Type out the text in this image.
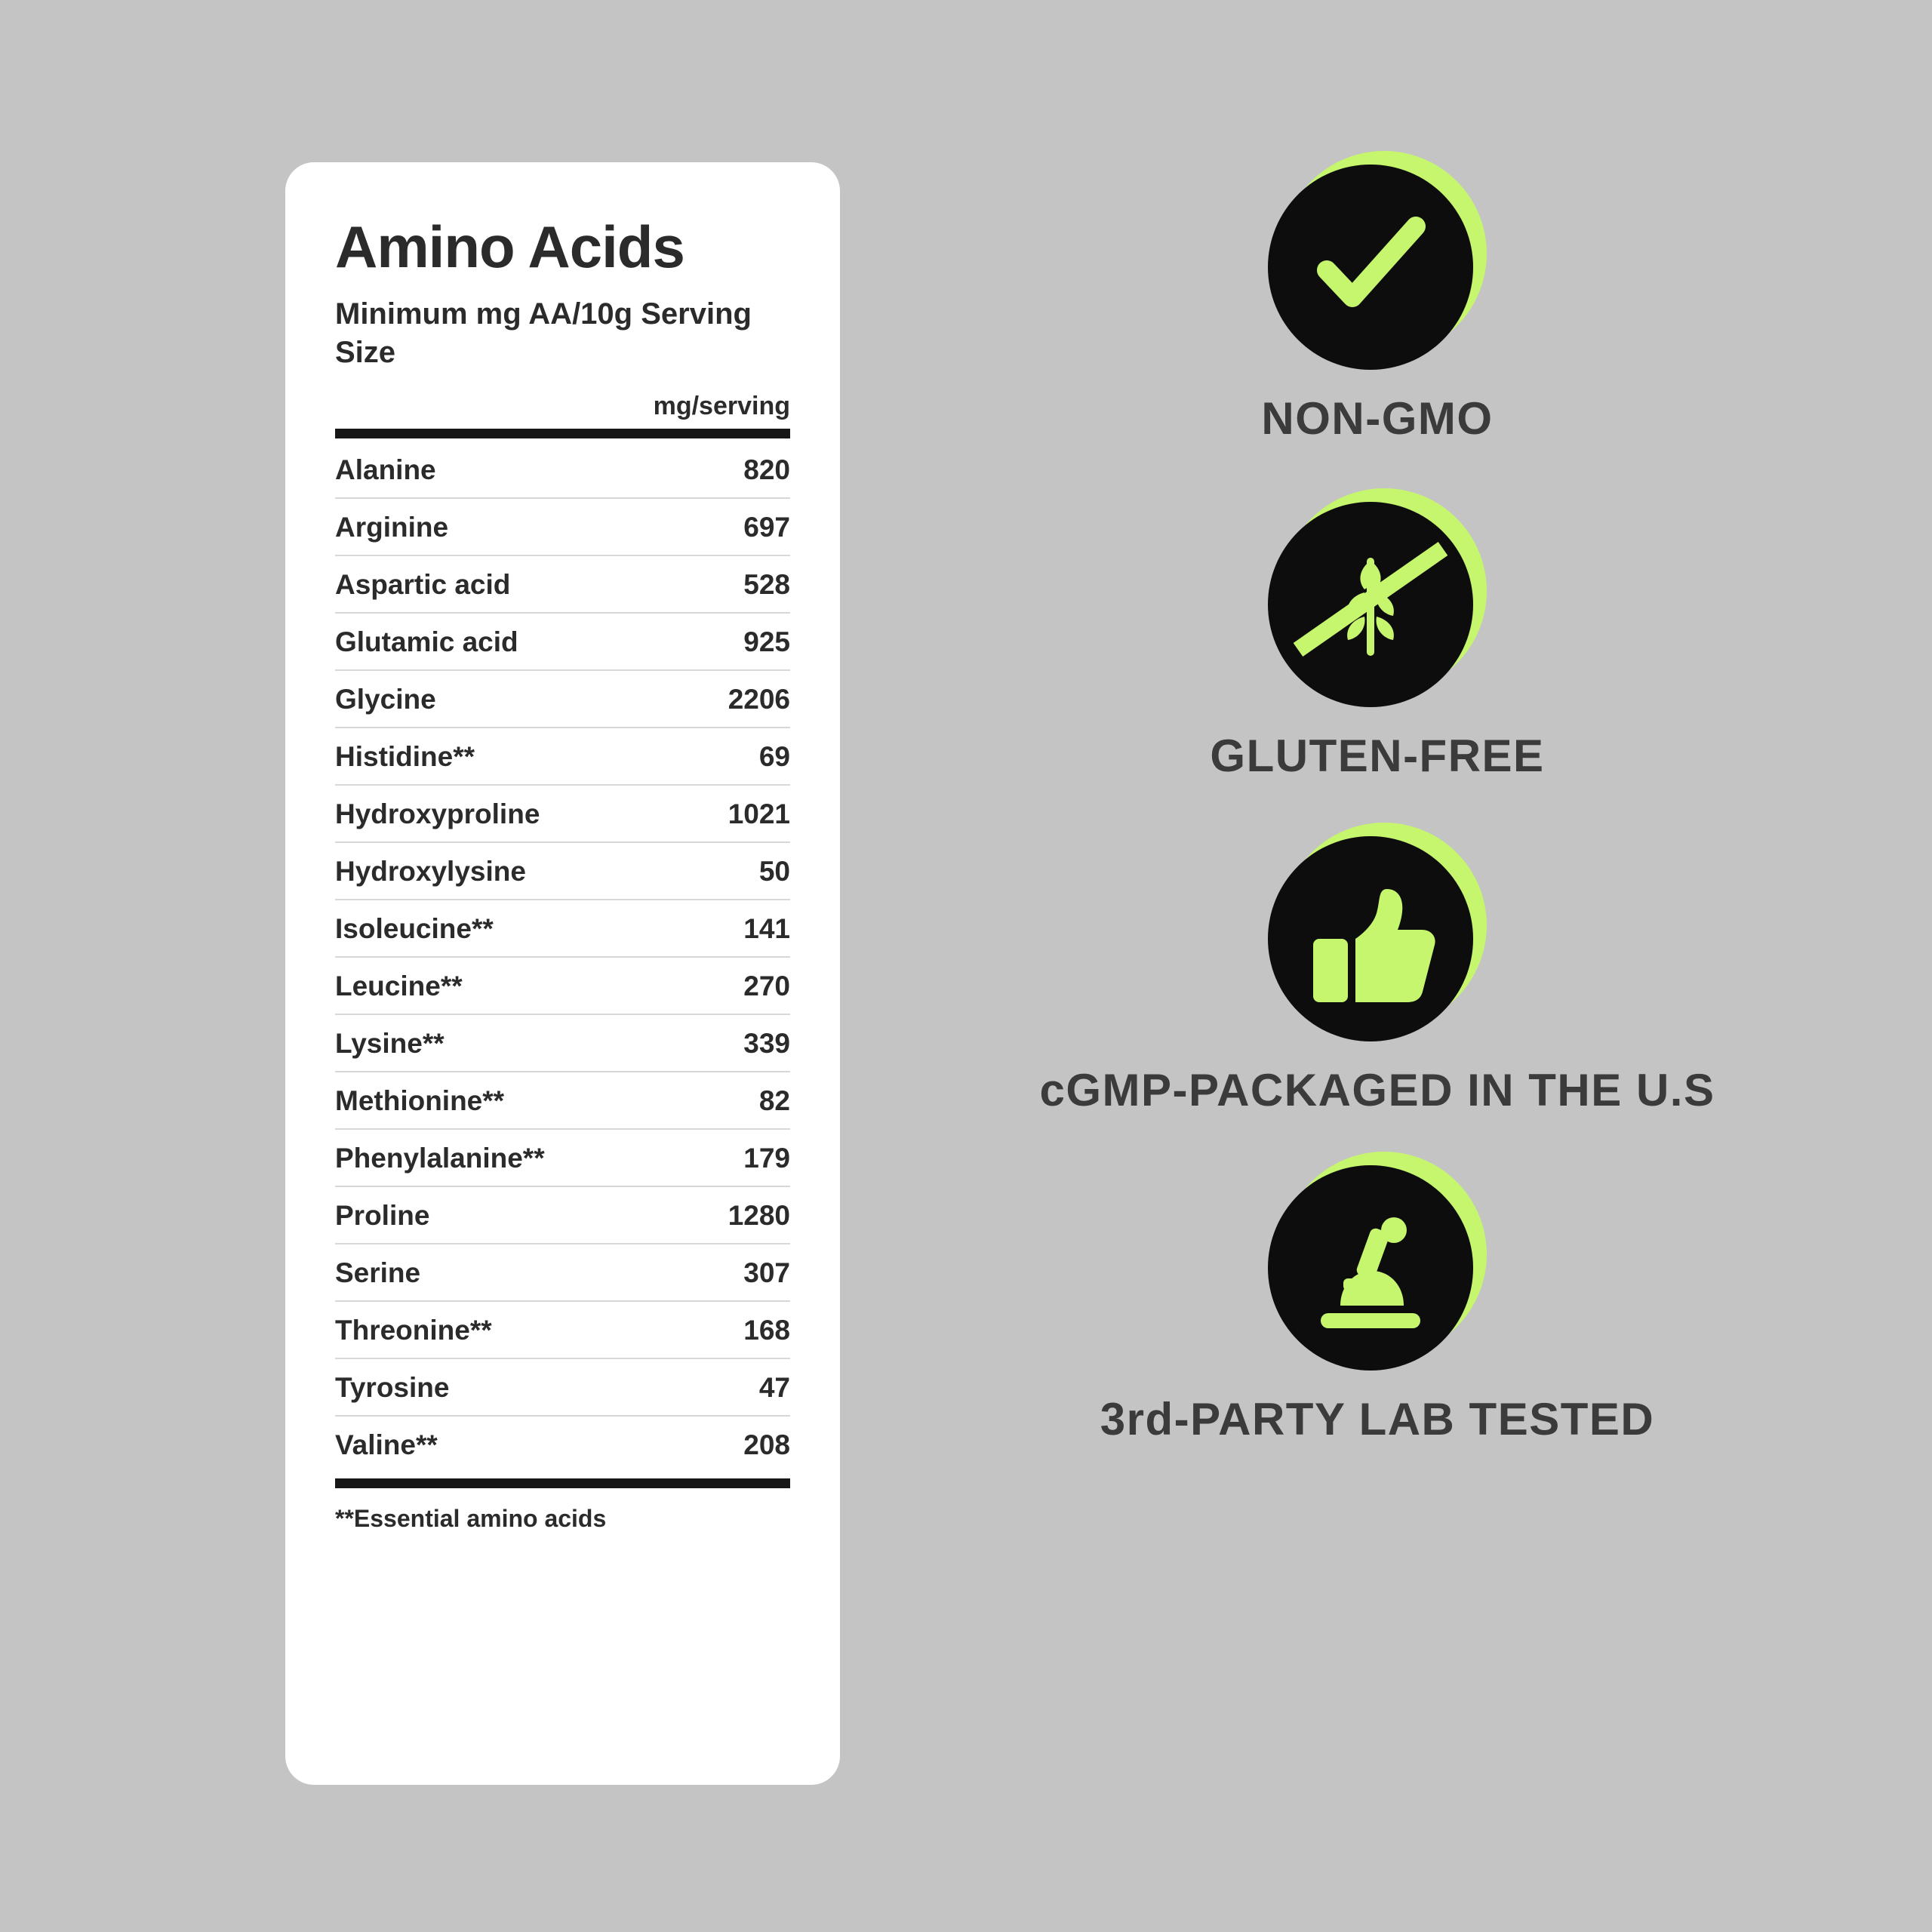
Amino Acids
Minimum mg AA/10g Serving Size
mg/serving
Alanine	820
Arginine	697
Aspartic acid	528
Glutamic acid	925
Glycine	2206
Histidine**	69
Hydroxyproline	1021
Hydroxylysine	50
Isoleucine**	141
Leucine**	270
Lysine**	339
Methionine**	82
Phenylalanine**	179
Proline	1280
Serine	307
Threonine**	168
Tyrosine	47
Valine**	208
**Essential amino acids
NON-GMO
GLUTEN-FREE
cGMP-PACKAGED IN THE U.S
3rd-PARTY LAB TESTED
